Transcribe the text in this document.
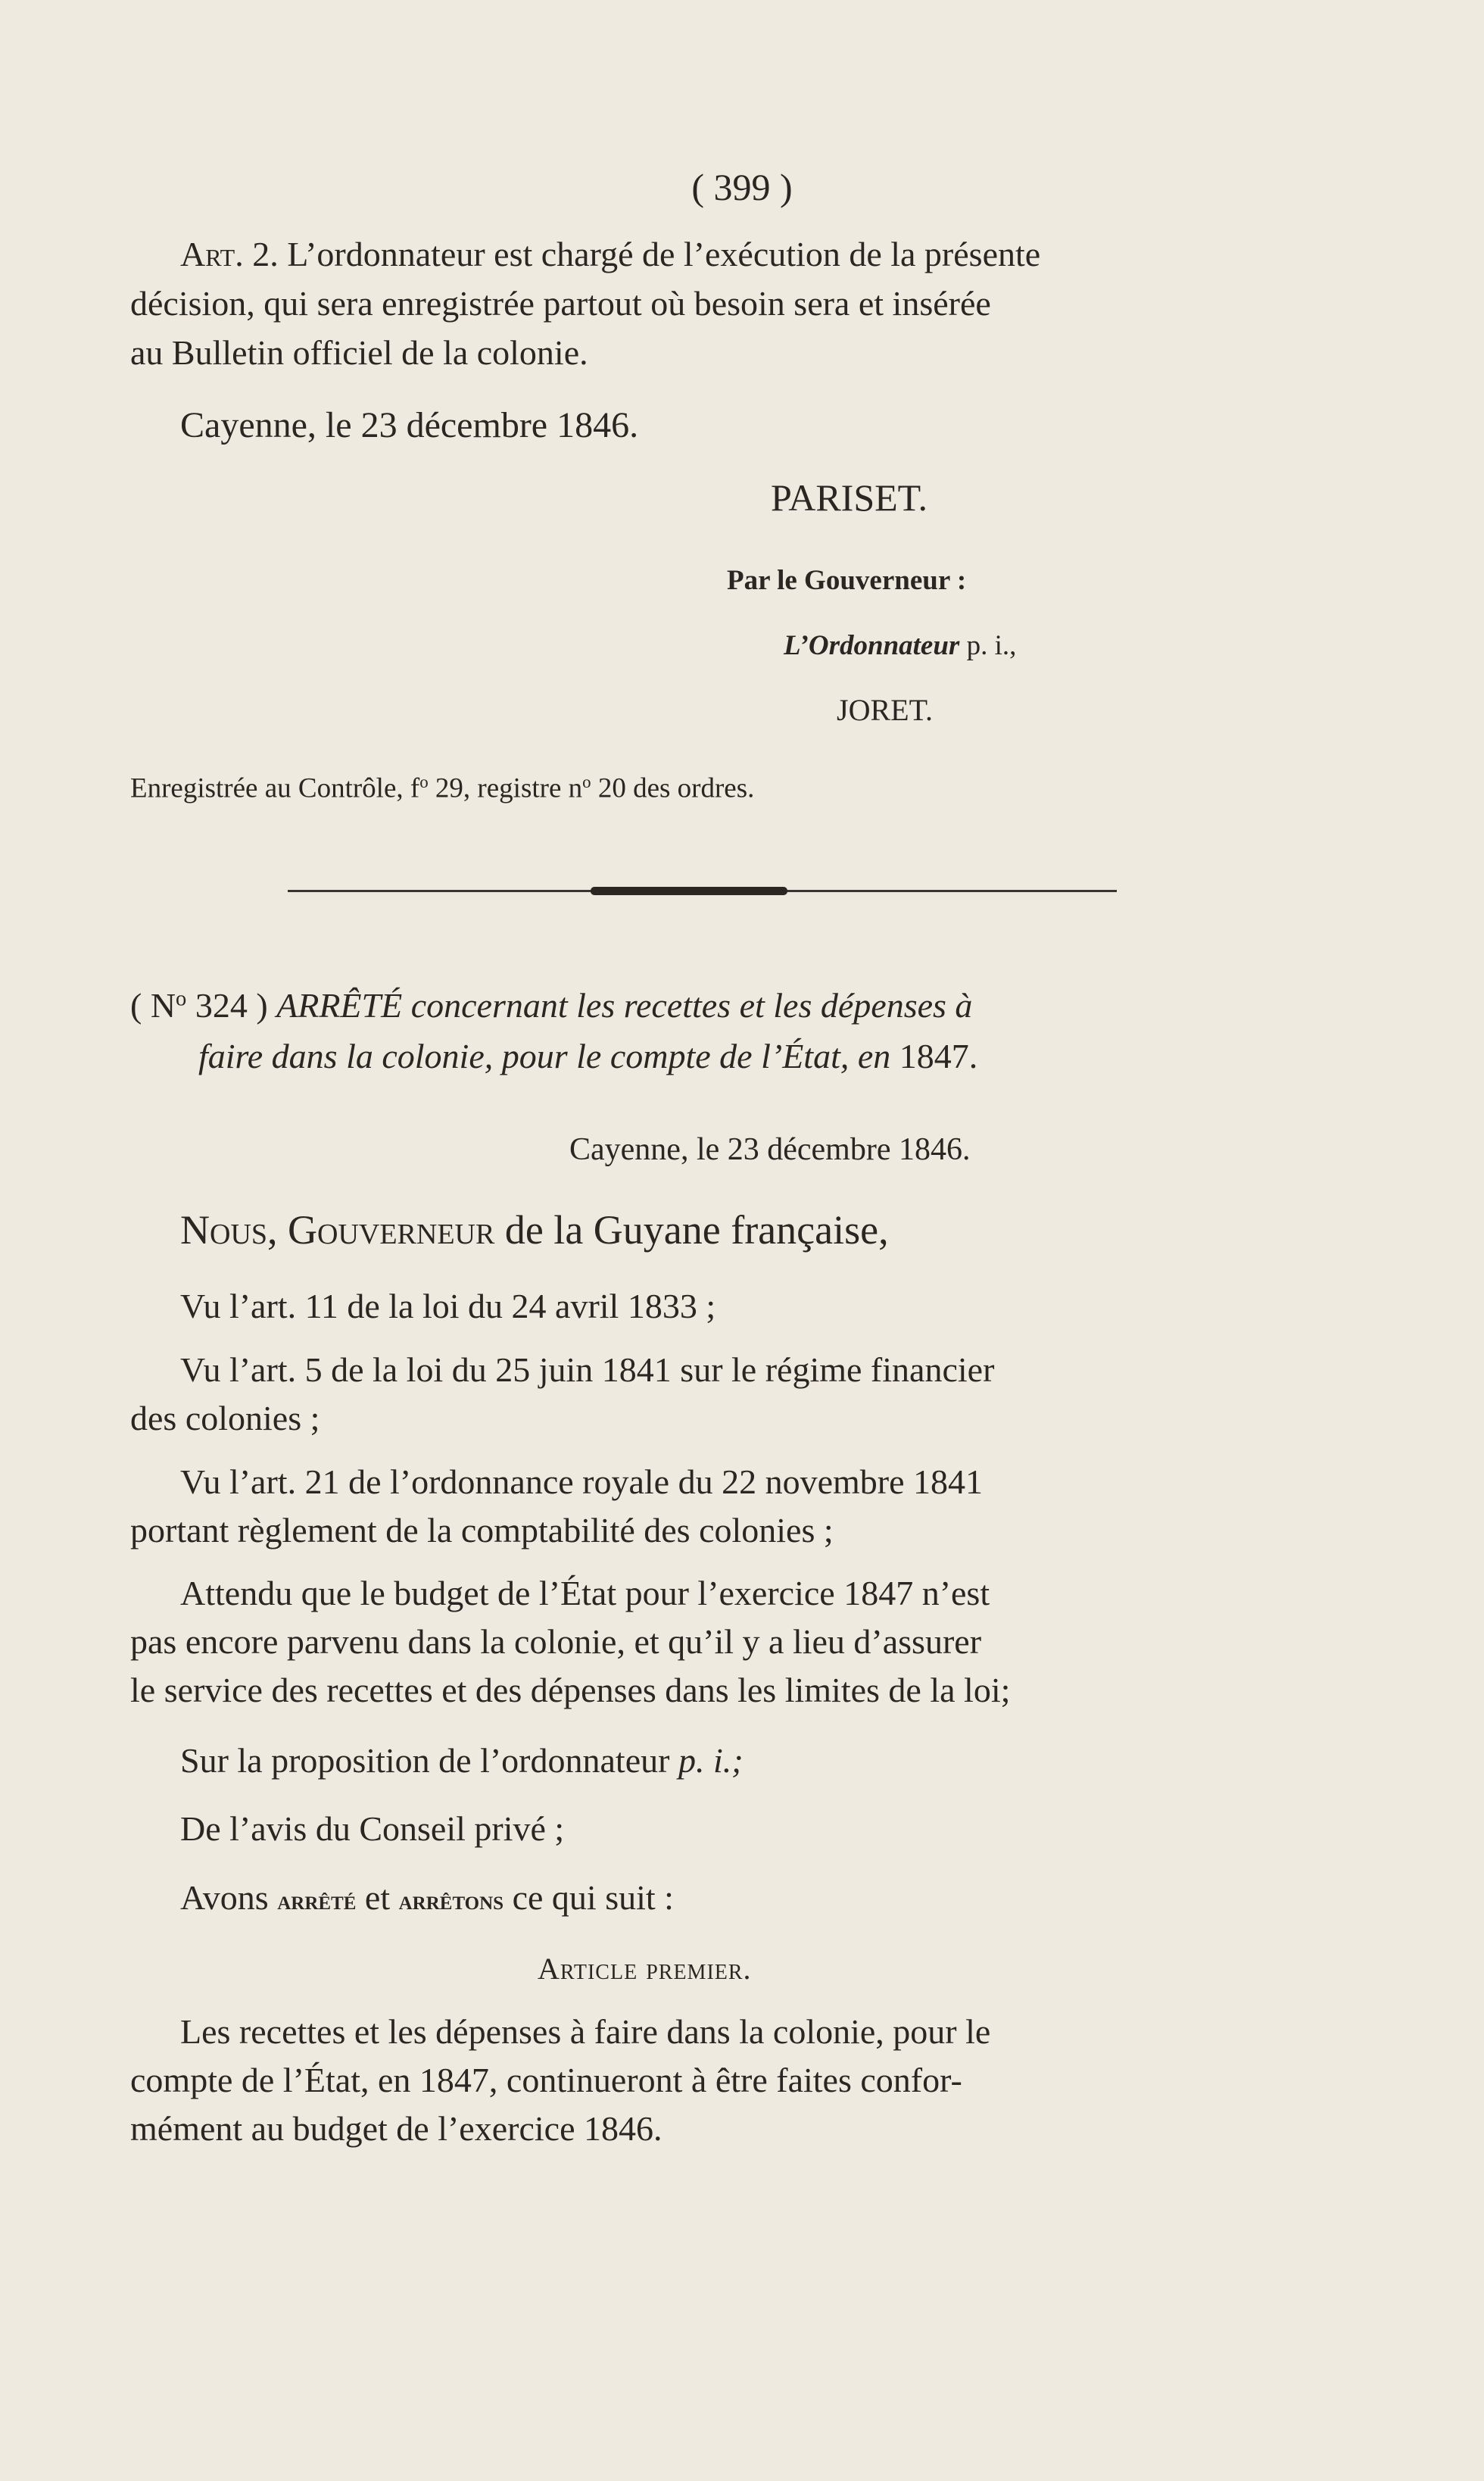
( 399 )

Art. 2. L’ordonnateur est chargé de l’exécution de la présente

décision, qui sera enregistrée partout où besoin sera et insérée

au Bulletin officiel de la colonie.

Cayenne, le 23 décembre 1846.

PARISET.

Par le Gouverneur :

L’Ordonnateur p. i.,

JORET.

Enregistrée au Contrôle, $f^o$ 29, registre $n^o$ 20 des ordres.

( $N^o$ 324 ) ARRÊTÉ concernant les recettes et les dépenses à

faire dans la colonie, pour le compte de l’État, en 1847.

Cayenne, le 23 décembre 1846.

Nous, Gouverneur de la Guyane française,

Vu l’art. 11 de la loi du 24 avril 1833 ;

Vu l’art. 5 de la loi du 25 juin 1841 sur le régime financier

des colonies ;

Vu l’art. 21 de l’ordonnance royale du 22 novembre 1841

portant règlement de la comptabilité des colonies ;

Attendu que le budget de l’État pour l’exercice 1847 n’est

pas encore parvenu dans la colonie, et qu’il y a lieu d’assurer

le service des recettes et des dépenses dans les limites de la loi;

Sur la proposition de l’ordonnateur p. i.;

De l’avis du Conseil privé ;

Avons arrêté et arrêtons ce qui suit :

Article premier.

Les recettes et les dépenses à faire dans la colonie, pour le

compte de l’État, en 1847, continueront à être faites confor-

mément au budget de l’exercice 1846.
